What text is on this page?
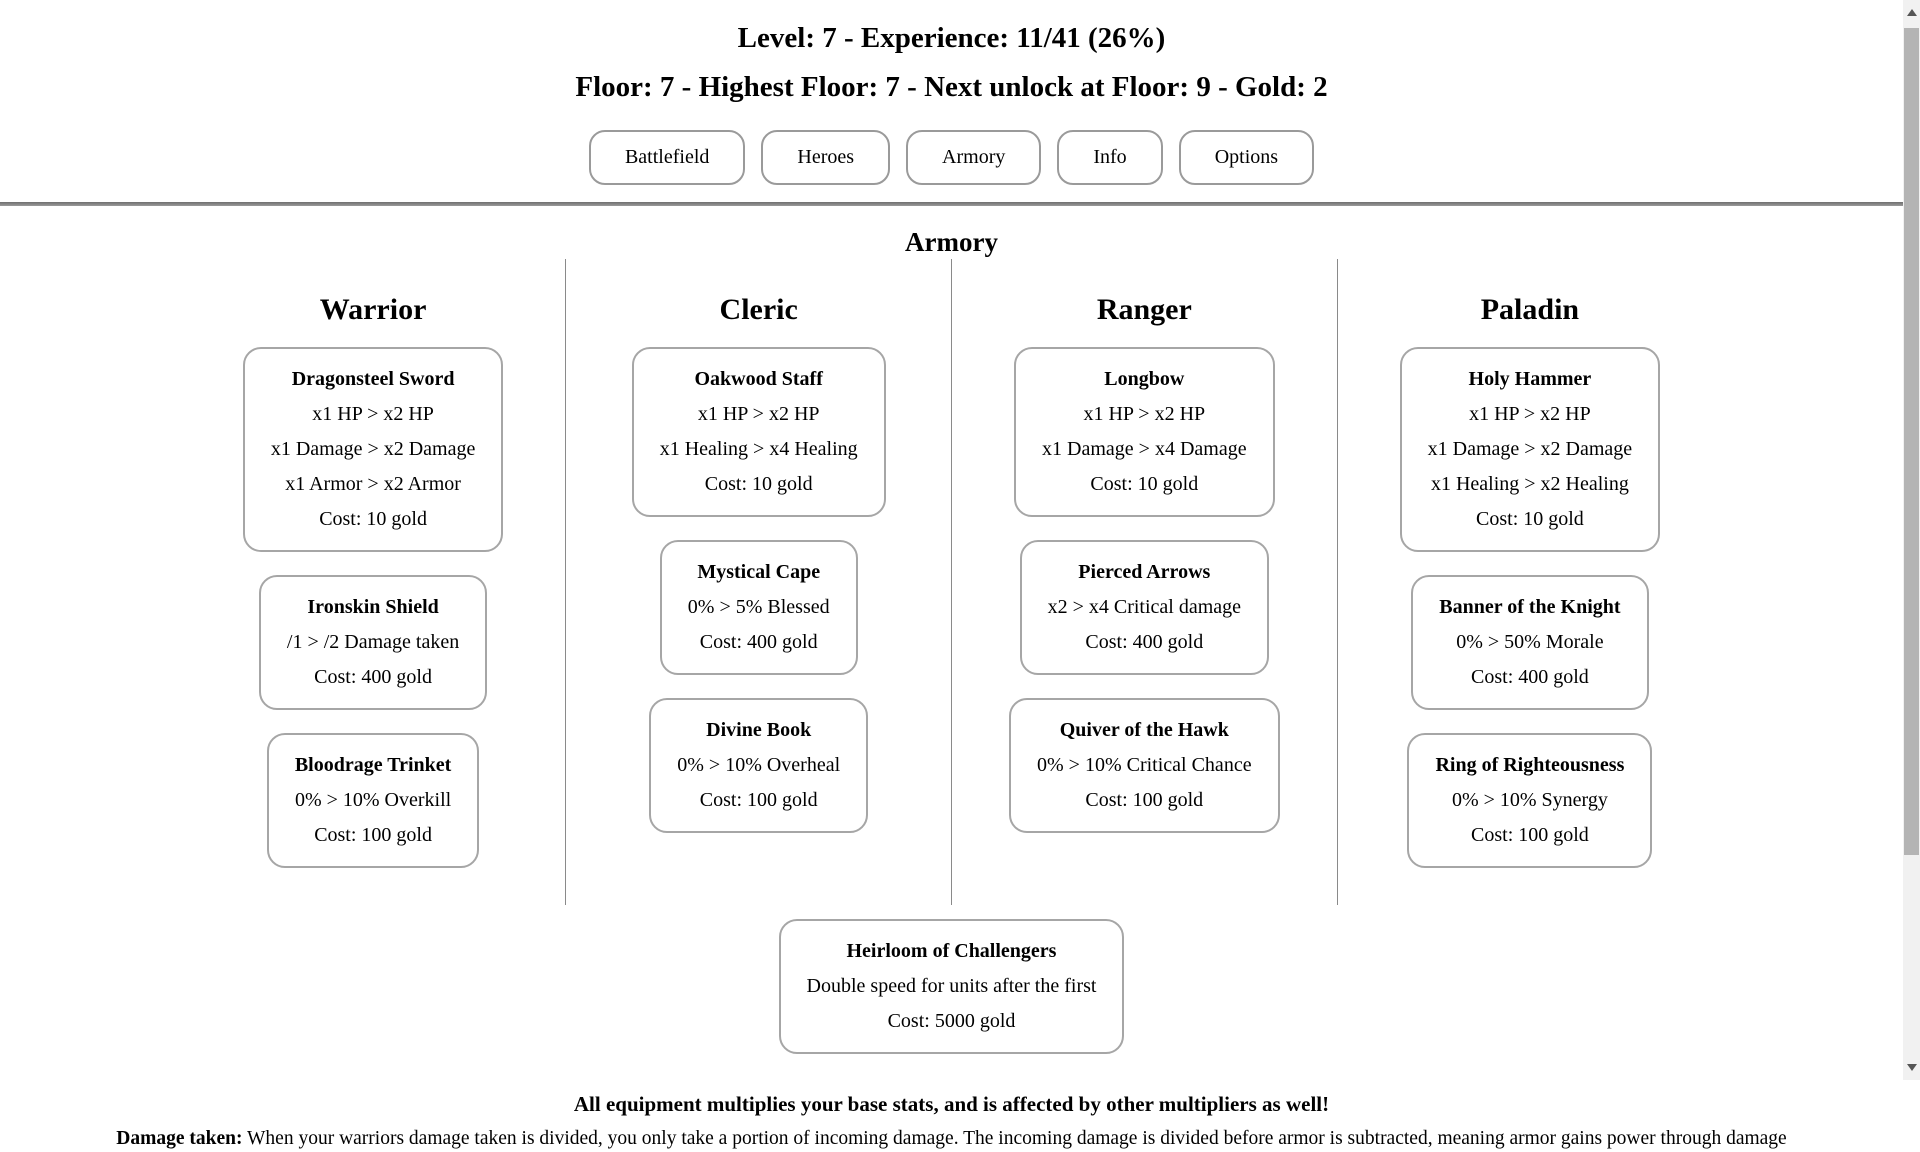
Level: 7 - Experience: 11/41 (26%)
Floor: 7 - Highest Floor: 7 - Next unlock at Floor: 9 - Gold: 2
Battlefield	Heroes	Armory	Info	Options
Armory
Warrior
Dragonsteel Sword
x1 HP > x2 HP
x1 Damage > x2 Damage
x1 Armor > x2 Armor
Cost: 10 gold
Ironskin Shield
/1 > /2 Damage taken
Cost: 400 gold
Bloodrage Trinket
0% > 10% Overkill
Cost: 100 gold
Cleric
Oakwood Staff
x1 HP > x2 HP
x1 Healing > x4 Healing
Cost: 10 gold
Mystical Cape
0% > 5% Blessed
Cost: 400 gold
Divine Book
0% > 10% Overheal
Cost: 100 gold
Ranger
Longbow
x1 HP > x2 HP
x1 Damage > x4 Damage
Cost: 10 gold
Pierced Arrows
x2 > x4 Critical damage
Cost: 400 gold
Quiver of the Hawk
0% > 10% Critical Chance
Cost: 100 gold
Paladin
Holy Hammer
x1 HP > x2 HP
x1 Damage > x2 Damage
x1 Healing > x2 Healing
Cost: 10 gold
Banner of the Knight
0% > 50% Morale
Cost: 400 gold
Ring of Righteousness
0% > 10% Synergy
Cost: 100 gold
Heirloom of Challengers
Double speed for units after the first
Cost: 5000 gold

All equipment multiplies your base stats, and is affected by other multipliers as well!

Damage taken: When your warriors damage taken is divided, you only take a portion of incoming damage. The incoming damage is divided before armor is subtracted, meaning armor gains power through damage
